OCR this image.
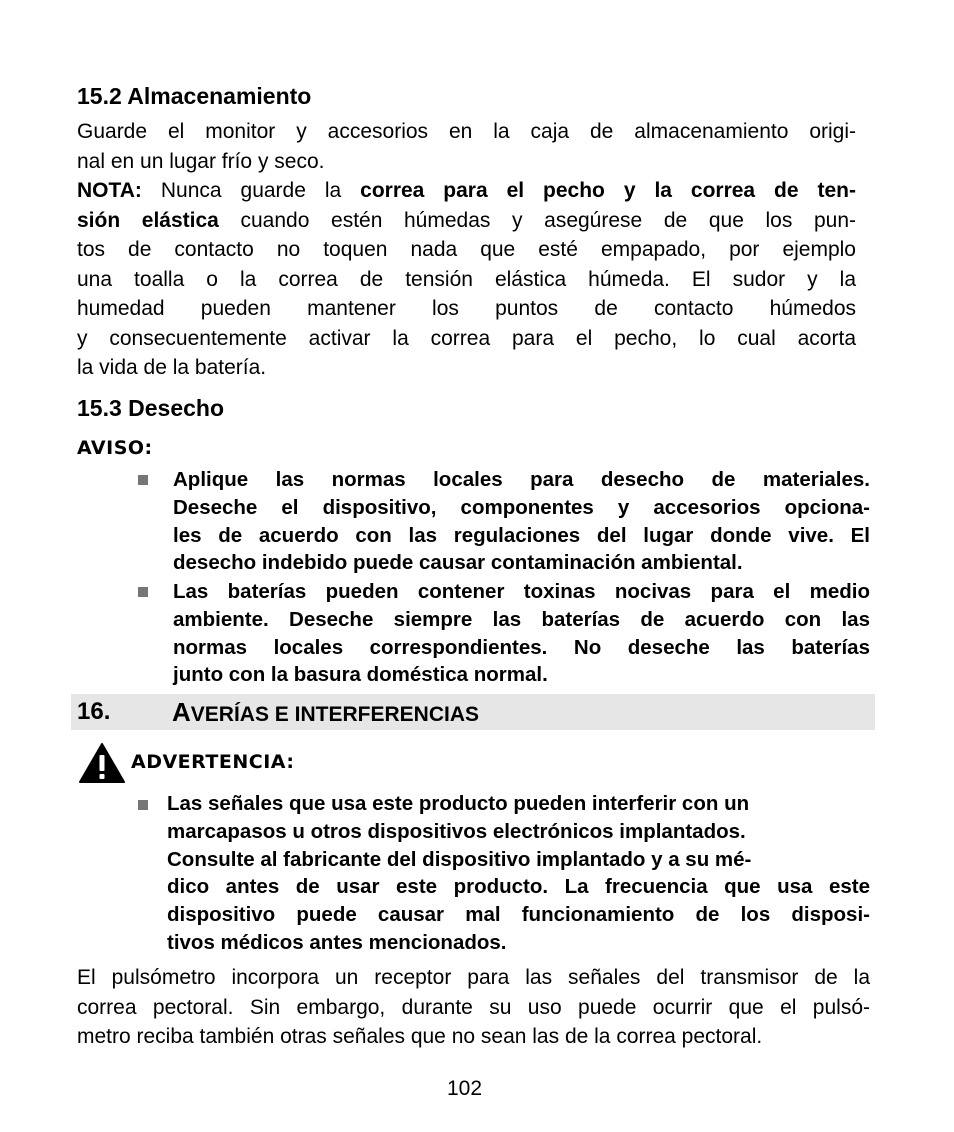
15.2 Almacenamiento
Guarde el monitor y accesorios en la caja de almacenamiento origi-
nal en un lugar frío y seco.
NOTA: Nunca guarde la correa para el pecho y la correa de ten-
sión elástica cuando estén húmedas y asegúrese de que los pun-
tos de contacto no toquen nada que esté empapado, por ejemplo
una toalla o la correa de tensión elástica húmeda. El sudor y la
humedad pueden mantener los puntos de contacto húmedos
y consecuentemente activar la correa para el pecho, lo cual acorta
la vida de la batería.
15.3 Desecho
AVISO:
Aplique las normas locales para desecho de materiales.
Deseche el dispositivo, componentes y accesorios opciona-
les de acuerdo con las regulaciones del lugar donde vive. El
desecho indebido puede causar contaminación ambiental.
Las baterías pueden contener toxinas nocivas para el medio
ambiente. Deseche siempre las baterías de acuerdo con las
normas locales correspondientes. No deseche las baterías
junto con la basura doméstica normal.
16. AVERÍAS E INTERFERENCIAS
ADVERTENCIA:
Las señales que usa este producto pueden interferir con un
marcapasos u otros dispositivos electrónicos implantados.
Consulte al fabricante del dispositivo implantado y a su mé-
dico antes de usar este producto. La frecuencia que usa este
dispositivo puede causar mal funcionamiento de los disposi-
tivos médicos antes mencionados.
El pulsómetro incorpora un receptor para las señales del transmisor de la
correa pectoral. Sin embargo, durante su uso puede ocurrir que el pulsó-
metro reciba también otras señales que no sean las de la correa pectoral.
102
